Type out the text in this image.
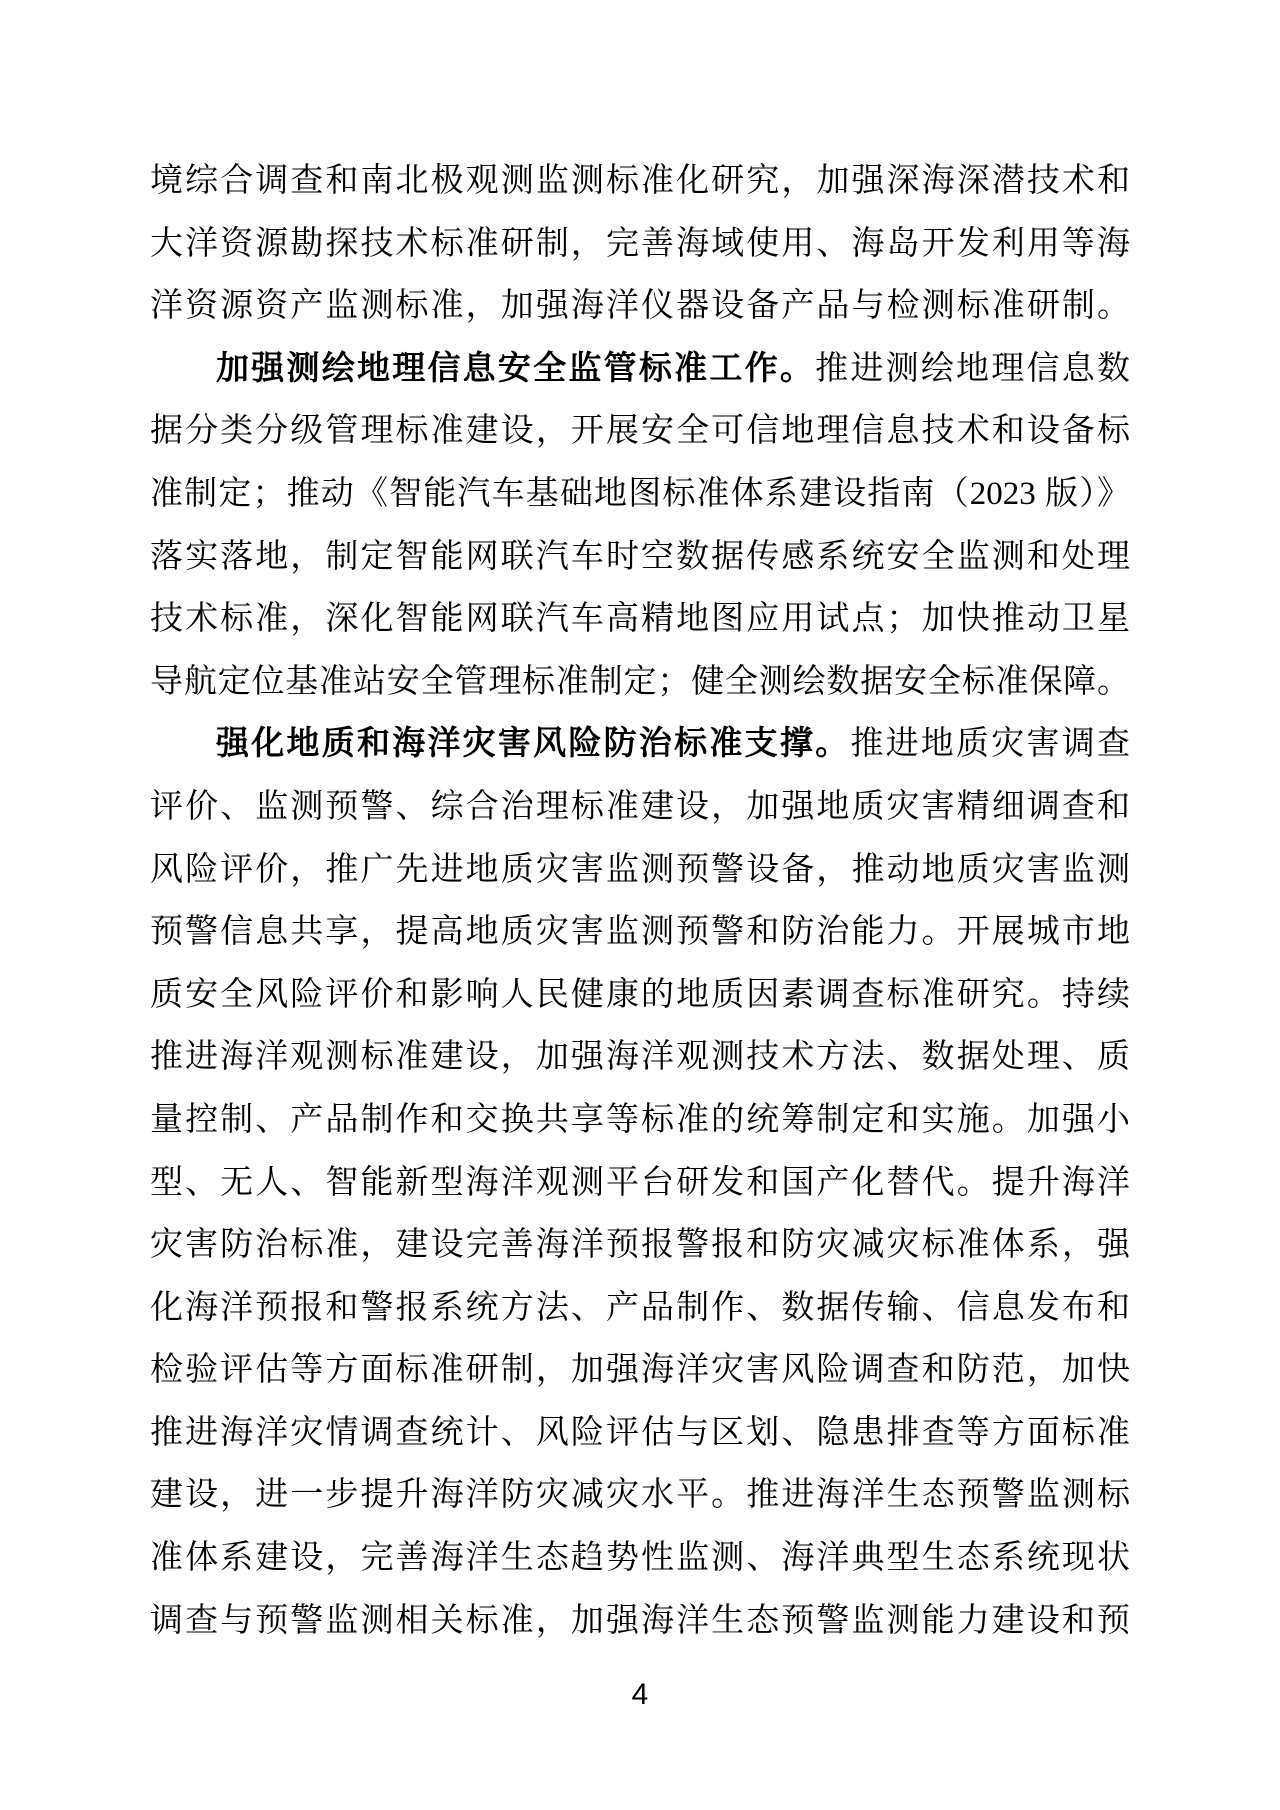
境综合调查和南北极观测监测标准化研究，加强深海深潜技术和
大洋资源勘探技术标准研制，完善海域使用、海岛开发利用等海
洋资源资产监测标准，加强海洋仪器设备产品与检测标准研制。
加强测绘地理信息安全监管标准工作。推进测绘地理信息数
据分类分级管理标准建设，开展安全可信地理信息技术和设备标
准制定；推动《智能汽车基础地图标准体系建设指南（2023 版）》
落实落地，制定智能网联汽车时空数据传感系统安全监测和处理
技术标准，深化智能网联汽车高精地图应用试点；加快推动卫星
导航定位基准站安全管理标准制定；健全测绘数据安全标准保障。
强化地质和海洋灾害风险防治标准支撑。推进地质灾害调查
评价、监测预警、综合治理标准建设，加强地质灾害精细调查和
风险评价，推广先进地质灾害监测预警设备，推动地质灾害监测
预警信息共享，提高地质灾害监测预警和防治能力。开展城市地
质安全风险评价和影响人民健康的地质因素调查标准研究。持续
推进海洋观测标准建设，加强海洋观测技术方法、数据处理、质
量控制、产品制作和交换共享等标准的统筹制定和实施。加强小
型、无人、智能新型海洋观测平台研发和国产化替代。提升海洋
灾害防治标准，建设完善海洋预报警报和防灾减灾标准体系，强
化海洋预报和警报系统方法、产品制作、数据传输、信息发布和
检验评估等方面标准研制，加强海洋灾害风险调查和防范，加快
推进海洋灾情调查统计、风险评估与区划、隐患排查等方面标准
建设，进一步提升海洋防灾减灾水平。推进海洋生态预警监测标
准体系建设，完善海洋生态趋势性监测、海洋典型生态系统现状
调查与预警监测相关标准，加强海洋生态预警监测能力建设和预
4
